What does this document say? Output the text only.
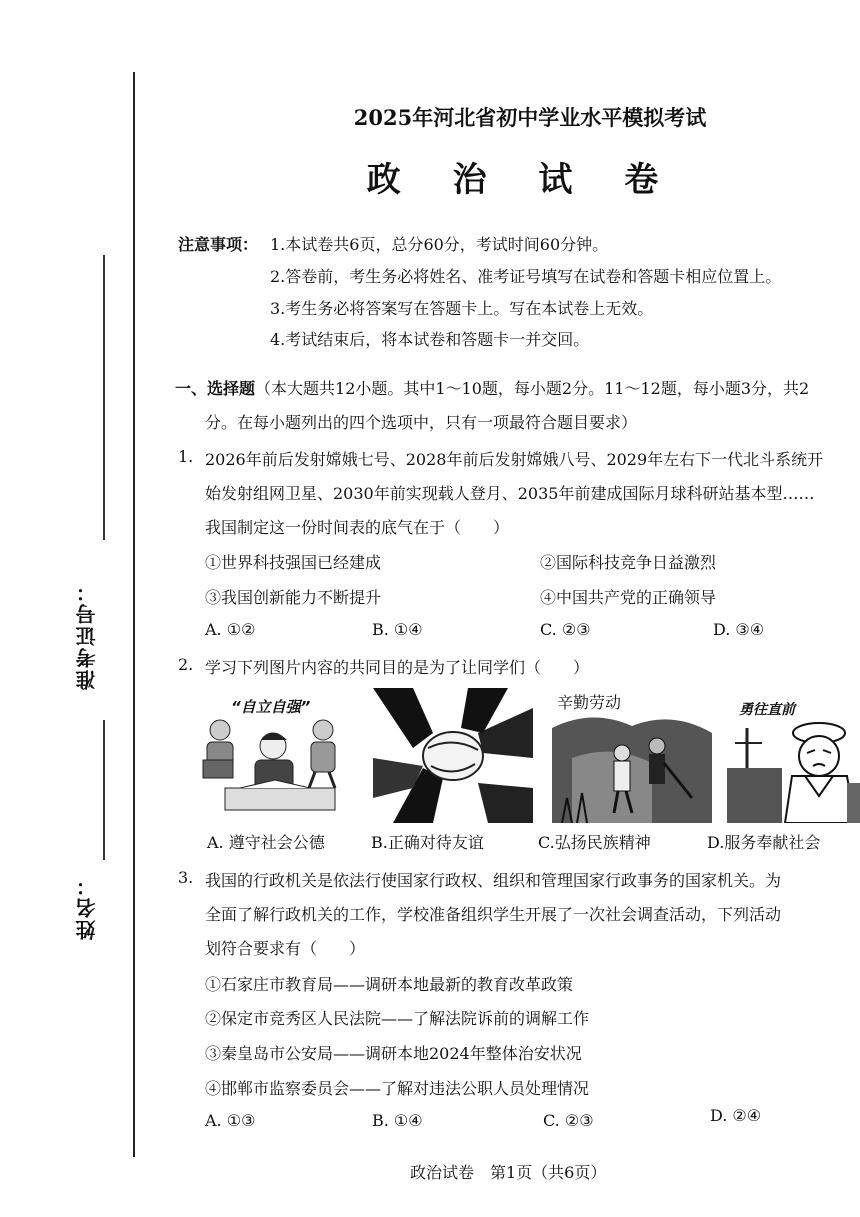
准考证号：
姓名：
2025年河北省初中学业水平模拟考试
政 治 试 卷
注意事项： 1.本试卷共6页，总分60分，考试时间60分钟。
2.答卷前，考生务必将姓名、准考证号填写在试卷和答题卡相应位置上。
3.考生务必将答案写在答题卡上。写在本试卷上无效。
4.考试结束后，将本试卷和答题卡一并交回。
一、选择题（本大题共12小题。其中1～10题，每小题2分。11～12题，每小题3分，共2
分。在每小题列出的四个选项中，只有一项最符合题目要求）
1. 2026年前后发射嫦娥七号、2028年前后发射嫦娥八号、2029年左右下一代北斗系统开
始发射组网卫星、2030年前实现载人登月、2035年前建成国际月球科研站基本型……
我国制定这一份时间表的底气在于（　　）
①世界科技强国已经建成	②国际科技竞争日益激烈
③我国创新能力不断提升	④中国共产党的正确领导
A. ①②	B. ①④	C. ②③	D. ③④
2. 学习下列图片内容的共同目的是为了让同学们（　　）
“自立自强”	辛勤劳动	勇往直前
A. 遵守社会公德	B.正确对待友谊	C.弘扬民族精神	D.服务奉献社会
3. 我国的行政机关是依法行使国家行政权、组织和管理国家行政事务的国家机关。为
全面了解行政机关的工作，学校准备组织学生开展了一次社会调查活动，下列活动
划符合要求有（　　）
①石家庄市教育局——调研本地最新的教育改革政策
②保定市竞秀区人民法院——了解法院诉前的调解工作
③秦皇岛市公安局——调研本地2024年整体治安状况
④邯郸市监察委员会——了解对违法公职人员处理情况
A. ①③	B. ①④	C. ②③	D. ②④
政治试卷　第1页（共6页）
